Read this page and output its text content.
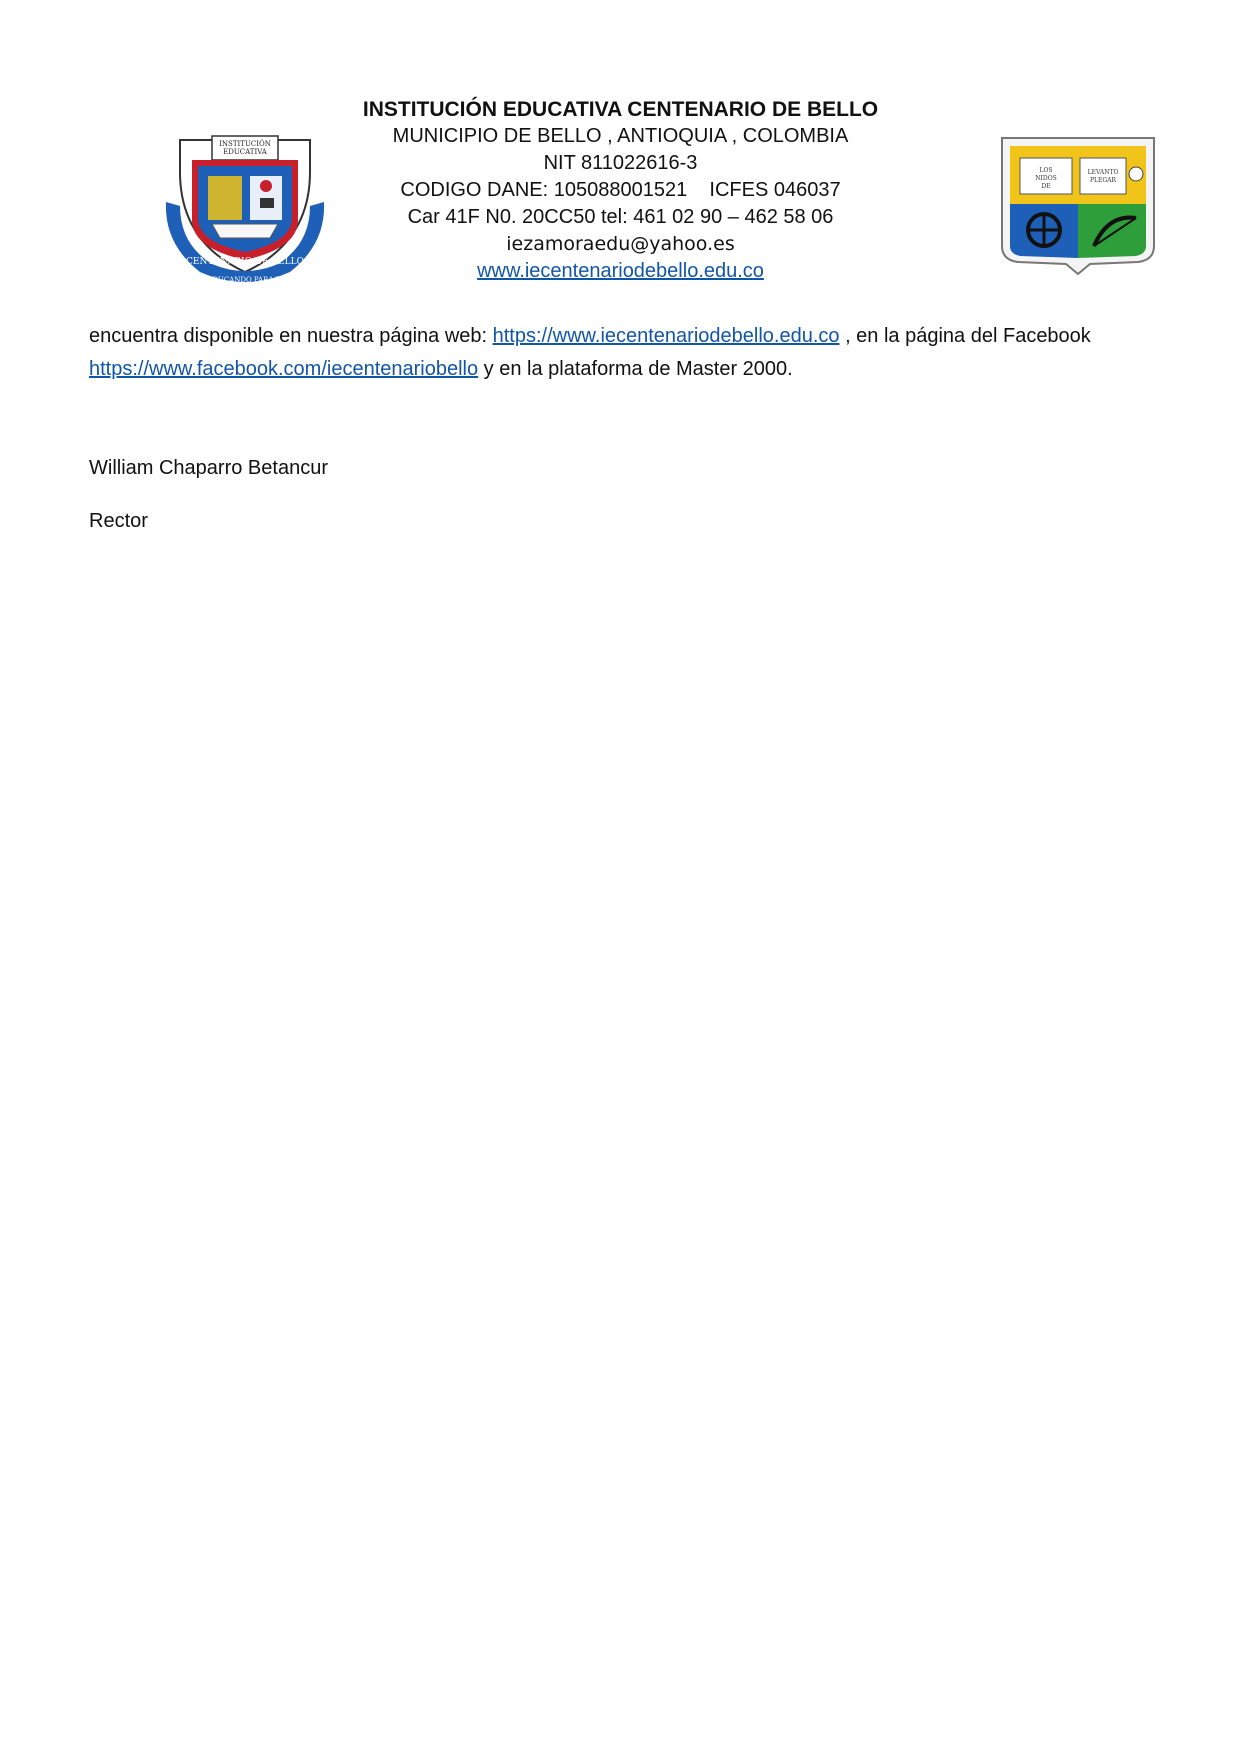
INSTITUCIÓN
EDUCATIVA
CENTENARIO DE BELLO
SIEMPRE EDUCANDO PARA EL FUTURO
INSTITUCIÓN EDUCATIVA CENTENARIO DE BELLO
MUNICIPIO DE BELLO , ANTIOQUIA , COLOMBIA
NIT 811022616-3
CODIGO DANE: 105088001521    ICFES 046037
Car 41F N0. 20CC50 tel: 461 02 90 – 462 58 06
iezamoraedu@yahoo.es
www.iecentenariodebello.edu.co
LOS
NIDOS
DE
LEVANTO
PLEGAR

encuentra disponible en nuestra página web: https://www.iecentenariodebello.edu.co , en la página del Facebook https://www.facebook.com/iecentenariobello y en la plataforma de Master 2000.

William Chaparro Betancur
Rector
